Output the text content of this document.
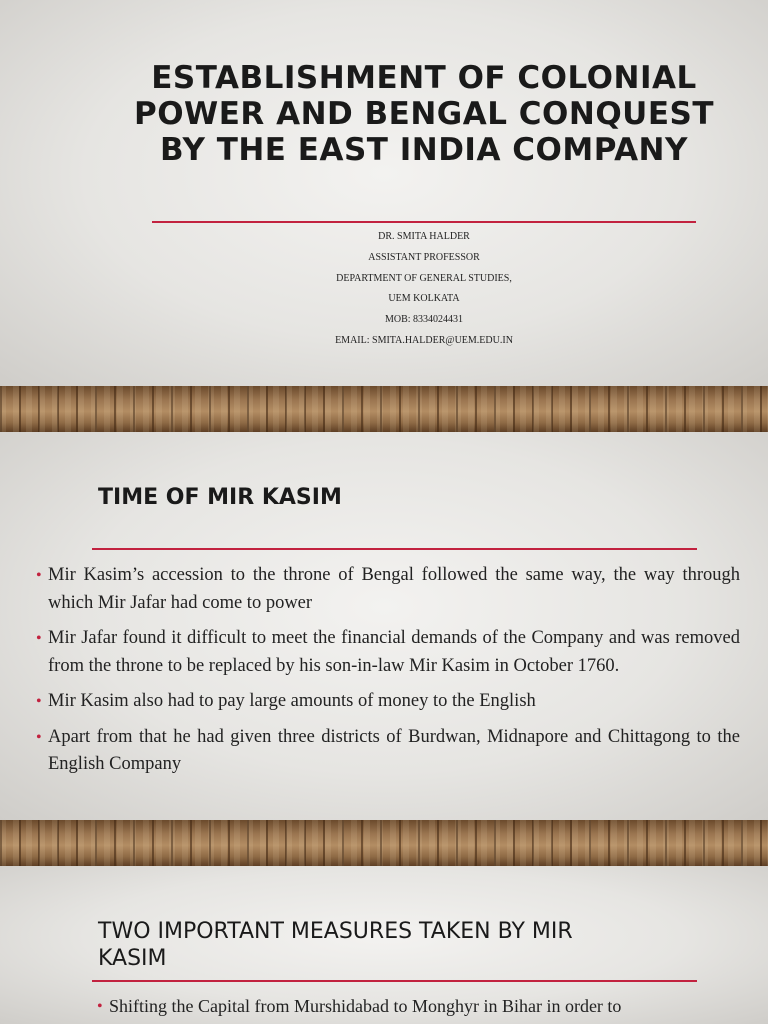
ESTABLISHMENT OF COLONIAL POWER AND BENGAL CONQUEST BY THE EAST INDIA COMPANY
DR. SMITA HALDER
ASSISTANT PROFESSOR
DEPARTMENT OF GENERAL STUDIES,
UEM KOLKATA
MOB: 8334024431
EMAIL: SMITA.HALDER@UEM.EDU.IN
TIME OF MIR KASIM
• Mir Kasim’s accession to the throne of Bengal followed the same way, the way through which Mir Jafar had come to power
• Mir Jafar found it difficult to meet the financial demands of the Company and was removed from the throne to be replaced by his son-in-law Mir Kasim in October 1760.
• Mir Kasim also had to pay large amounts of money to the English
• Apart from that he had given three districts of Burdwan, Midnapore and Chittagong to the English Company
TWO IMPORTANT MEASURES TAKEN BY MIR KASIM
• Shifting the Capital from Murshidabad to Monghyr in Bihar in order to
